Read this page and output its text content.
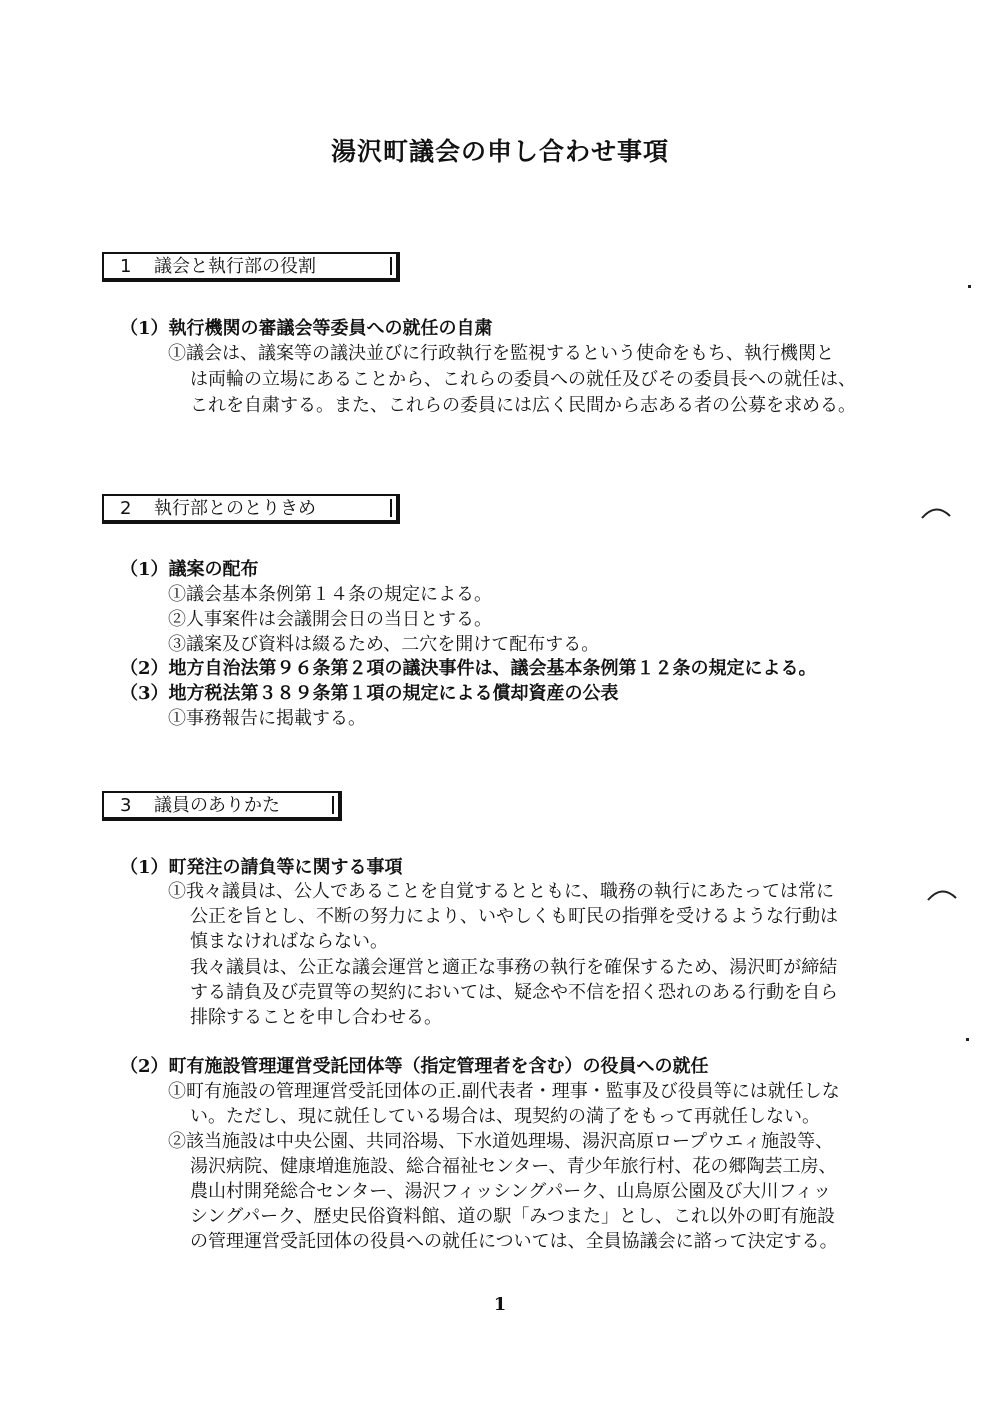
湯沢町議会の申し合わせ事項
1 議会と執行部の役割
（1）執行機関の審議会等委員への就任の自粛
①議会は、議案等の議決並びに行政執行を監視するという使命をもち、執行機関と
は両輪の立場にあることから、これらの委員への就任及びその委員長への就任は、
これを自粛する。また、これらの委員には広く民間から志ある者の公募を求める。
2 執行部とのとりきめ
（1）議案の配布
①議会基本条例第１４条の規定による。
②人事案件は会議開会日の当日とする。
③議案及び資料は綴るため、二穴を開けて配布する。
（2）地方自治法第９６条第２項の議決事件は、議会基本条例第１２条の規定による。
（3）地方税法第３８９条第１項の規定による償却資産の公表
①事務報告に掲載する。
3 議員のありかた
（1）町発注の請負等に関する事項
①我々議員は、公人であることを自覚するとともに、職務の執行にあたっては常に
公正を旨とし、不断の努力により、いやしくも町民の指弾を受けるような行動は
慎まなければならない。
我々議員は、公正な議会運営と適正な事務の執行を確保するため、湯沢町が締結
する請負及び売買等の契約においては、疑念や不信を招く恐れのある行動を自ら
排除することを申し合わせる。
（2）町有施設管理運営受託団体等（指定管理者を含む）の役員への就任
①町有施設の管理運営受託団体の正.副代表者・理事・監事及び役員等には就任しな
い。ただし、現に就任している場合は、現契約の満了をもって再就任しない。
②該当施設は中央公園、共同浴場、下水道処理場、湯沢高原ロープウエィ施設等、
湯沢病院、健康増進施設、総合福祉センター、青少年旅行村、花の郷陶芸工房、
農山村開発総合センター、湯沢フィッシングパーク、山鳥原公園及び大川フィッ
シングパーク、歴史民俗資料館、道の駅「みつまた」とし、これ以外の町有施設
の管理運営受託団体の役員への就任については、全員協議会に諮って決定する。
1
